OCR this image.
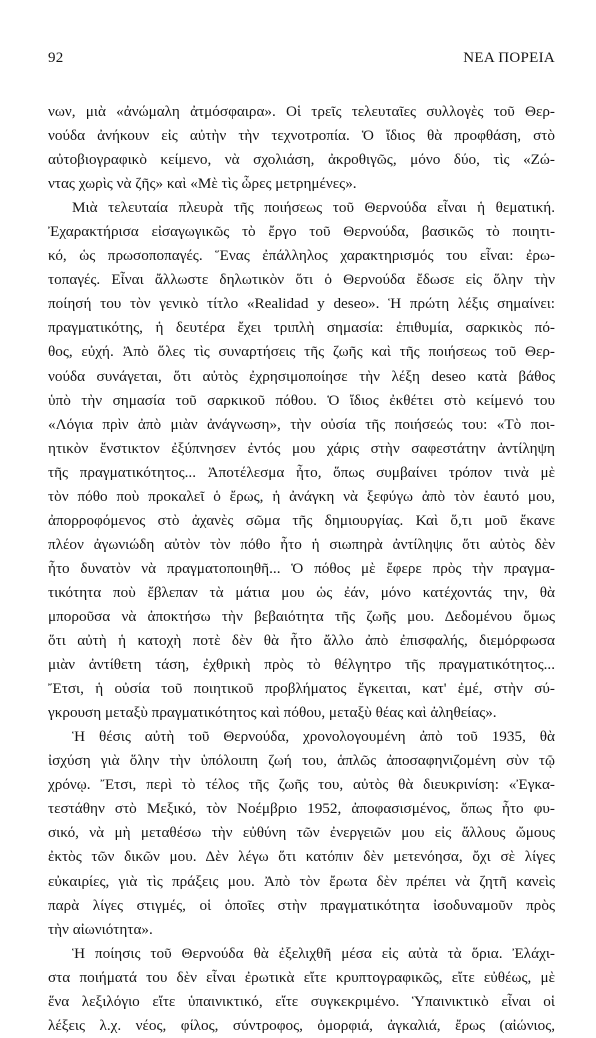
92	ΝΕΑ ΠΟΡΕΙΑ
νων, μιὰ «ἀνώμαλη ἀτμόσφαιρα». Οἱ τρεῖς τελευταῖες συλλογὲς τοῦ Θερ-
νούδα ἀνήκουν εἰς αὐτὴν τὴν τεχνοτροπία. Ὁ ἴδιος θὰ προφθάση, στὸ
αὐτοβιογραφικὸ κείμενο, νὰ σχολιάση, ἀκροθιγῶς, μόνο δύο, τὶς «Ζώ-
ντας χωρὶς νὰ ζῆς» καὶ «Μὲ τὶς ὧρες μετρημένες».
Μιὰ τελευταία πλευρὰ τῆς ποιήσεως τοῦ Θερνούδα εἶναι ἡ θεματική.
Ἐχαρακτήρισα εἰσαγωγικῶς τὸ ἔργο τοῦ Θερνούδα, βασικῶς τὸ ποιητι-
κό, ὡς πρωσοποπαγές. Ἕνας ἐπάλληλος χαρακτηρισμός του εἶναι: ἐρω-
τοπαγές. Εἶναι ἄλλωστε δηλωτικὸν ὅτι ὁ Θερνούδα ἔδωσε εἰς ὅλην τὴν
ποίησή του τὸν γενικὸ τίτλο «Realidad y deseo». Ἡ πρώτη λέξις σημαίνει:
πραγματικότης, ἡ δευτέρα ἔχει τριπλὴ σημασία: ἐπιθυμία, σαρκικὸς πό-
θος, εὐχή. Ἀπὸ ὅλες τὶς συναρτήσεις τῆς ζωῆς καὶ τῆς ποιήσεως τοῦ Θερ-
νούδα συνάγεται, ὅτι αὐτὸς ἐχρησιμοποίησε τὴν λέξη deseo κατὰ βάθος
ὑπὸ τὴν σημασία τοῦ σαρκικοῦ πόθου. Ὁ ἴδιος ἐκθέτει στὸ κείμενό του
«Λόγια πρὶν ἀπὸ μιὰν ἀνάγνωση», τὴν οὐσία τῆς ποιήσεώς του: «Τὸ ποι-
ητικὸν ἔνστικτον ἐξύπνησεν ἐντός μου χάρις στὴν σαφεστάτην ἀντίληψη
τῆς πραγματικότητος... Ἀποτέλεσμα ἦτο, ὅπως συμβαίνει τρόπον τινὰ μὲ
τὸν πόθο ποὺ προκαλεῖ ὁ ἔρως, ἡ ἀνάγκη νὰ ξεφύγω ἀπὸ τὸν ἑαυτό μου,
ἀπορροφόμενος στὸ ἀχανὲς σῶμα τῆς δημιουργίας. Καὶ ὅ,τι μοῦ ἔκανε
πλέον ἀγωνιώδη αὐτὸν τὸν πόθο ἦτο ἡ σιωπηρὰ ἀντίληψις ὅτι αὐτὸς δὲν
ἦτο δυνατὸν νὰ πραγματοποιηθῆ... Ὁ πόθος μὲ ἔφερε πρὸς τὴν πραγμα-
τικότητα ποὺ ἔβλεπαν τὰ μάτια μου ὡς ἐάν, μόνο κατέχοντάς την, θὰ
μποροῦσα νὰ ἀποκτήσω τὴν βεβαιότητα τῆς ζωῆς μου. Δεδομένου ὅμως
ὅτι αὐτὴ ἡ κατοχὴ ποτὲ δὲν θὰ ἦτο ἄλλο ἀπὸ ἐπισφαλής, διεμόρφωσα
μιὰν ἀντίθετη τάση, ἐχθρικὴ πρὸς τὸ θέλγητρο τῆς πραγματικότητος...
Ἔτσι, ἡ οὐσία τοῦ ποιητικοῦ προβλήματος ἔγκειται, κατ' ἐμέ, στὴν σύ-
γκρουση μεταξὺ πραγματικότητος καὶ πόθου, μεταξὺ θέας καὶ ἀληθείας».
Ἡ θέσις αὐτὴ τοῦ Θερνούδα, χρονολογουμένη ἀπὸ τοῦ 1935, θὰ
ἰσχύση γιὰ ὅλην τὴν ὑπόλοιπη ζωή του, ἁπλῶς ἀποσαφηνιζομένη σὺν τῷ
χρόνῳ. Ἔτσι, περὶ τὸ τέλος τῆς ζωῆς του, αὐτὸς θὰ διευκρινίση: «Ἐγκα-
τεστάθην στὸ Μεξικό, τὸν Νοέμβριο 1952, ἀποφασισμένος, ὅπως ἦτο φυ-
σικό, νὰ μὴ μεταθέσω τὴν εὐθύνη τῶν ἐνεργειῶν μου εἰς ἄλλους ὤμους
ἐκτὸς τῶν δικῶν μου. Δὲν λέγω ὅτι κατόπιν δὲν μετενόησα, ὄχι σὲ λίγες
εὐκαιρίες, γιὰ τὶς πράξεις μου. Ἀπὸ τὸν ἔρωτα δὲν πρέπει νὰ ζητῆ κανεὶς
παρὰ λίγες στιγμές, οἱ ὁποῖες στὴν πραγματικότητα ἰσοδυναμοῦν πρὸς
τὴν αἰωνιότητα».
Ἡ ποίησις τοῦ Θερνούδα θὰ ἐξελιχθῆ μέσα εἰς αὐτὰ τὰ ὅρια. Ἐλάχι-
στα ποιήματά του δὲν εἶναι ἐρωτικὰ εἴτε κρυπτογραφικῶς, εἴτε εὐθέως, μὲ
ἕνα λεξιλόγιο εἴτε ὑπαινικτικό, εἴτε συγκεκριμένο. Ὑπαινικτικὸ εἶναι οἱ
λέξεις λ.χ. νέος, φίλος, σύντροφος, ὀμορφιά, ἀγκαλιά, ἔρως (αἰώνιος,
